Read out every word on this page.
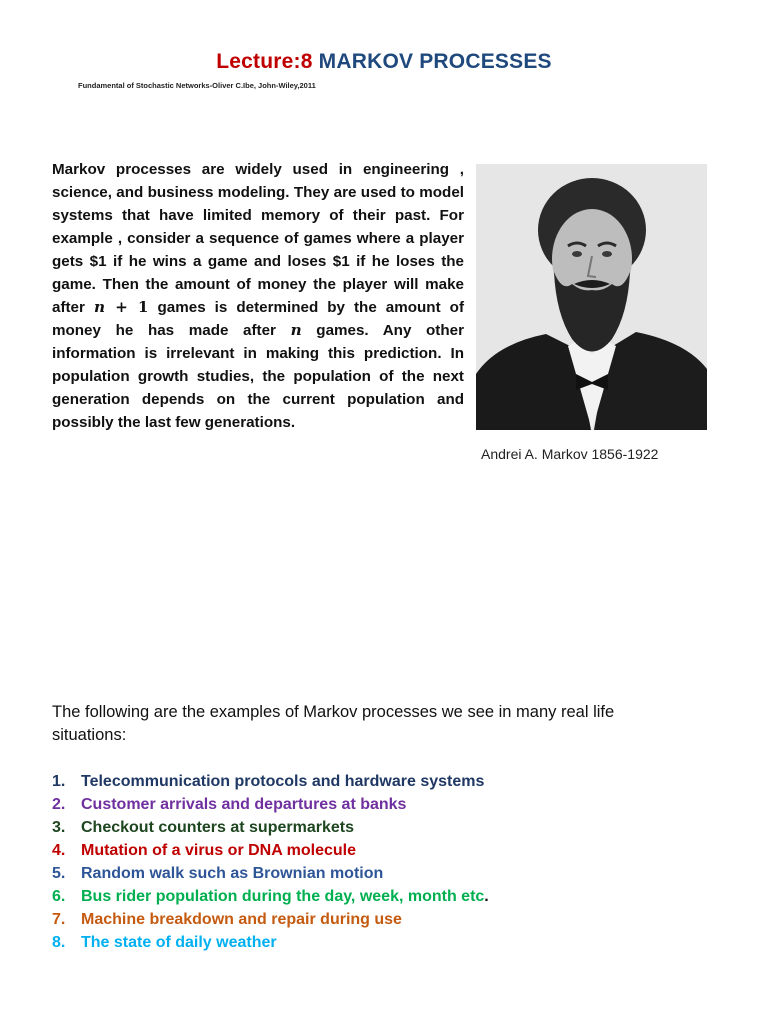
Lecture:8 MARKOV PROCESSES
Fundamental of Stochastic Networks-Oliver C.Ibe, John-Wiley,2011
Markov processes are widely used in engineering , science, and business modeling. They are used to model systems that have limited memory of their past. For example , consider a sequence of games where a player gets $1 if he wins a game and loses $1 if he loses the game. Then the amount of money the player will make after n + 1 games is determined by the amount of money he has made after n games. Any other information is irrelevant in making this prediction. In population growth studies, the population of the next generation depends on the current population and possibly the last few generations.
Andrei A. Markov 1856-1922
The following are the examples of Markov processes we see in many real life situations:
1. Telecommunication protocols and hardware systems
2. Customer arrivals and departures at banks
3. Checkout counters at supermarkets
4. Mutation of a virus or DNA molecule
5. Random walk such as Brownian motion
6. Bus rider population during the day, week, month etc.
7. Machine breakdown and repair during use
8. The state of daily weather
